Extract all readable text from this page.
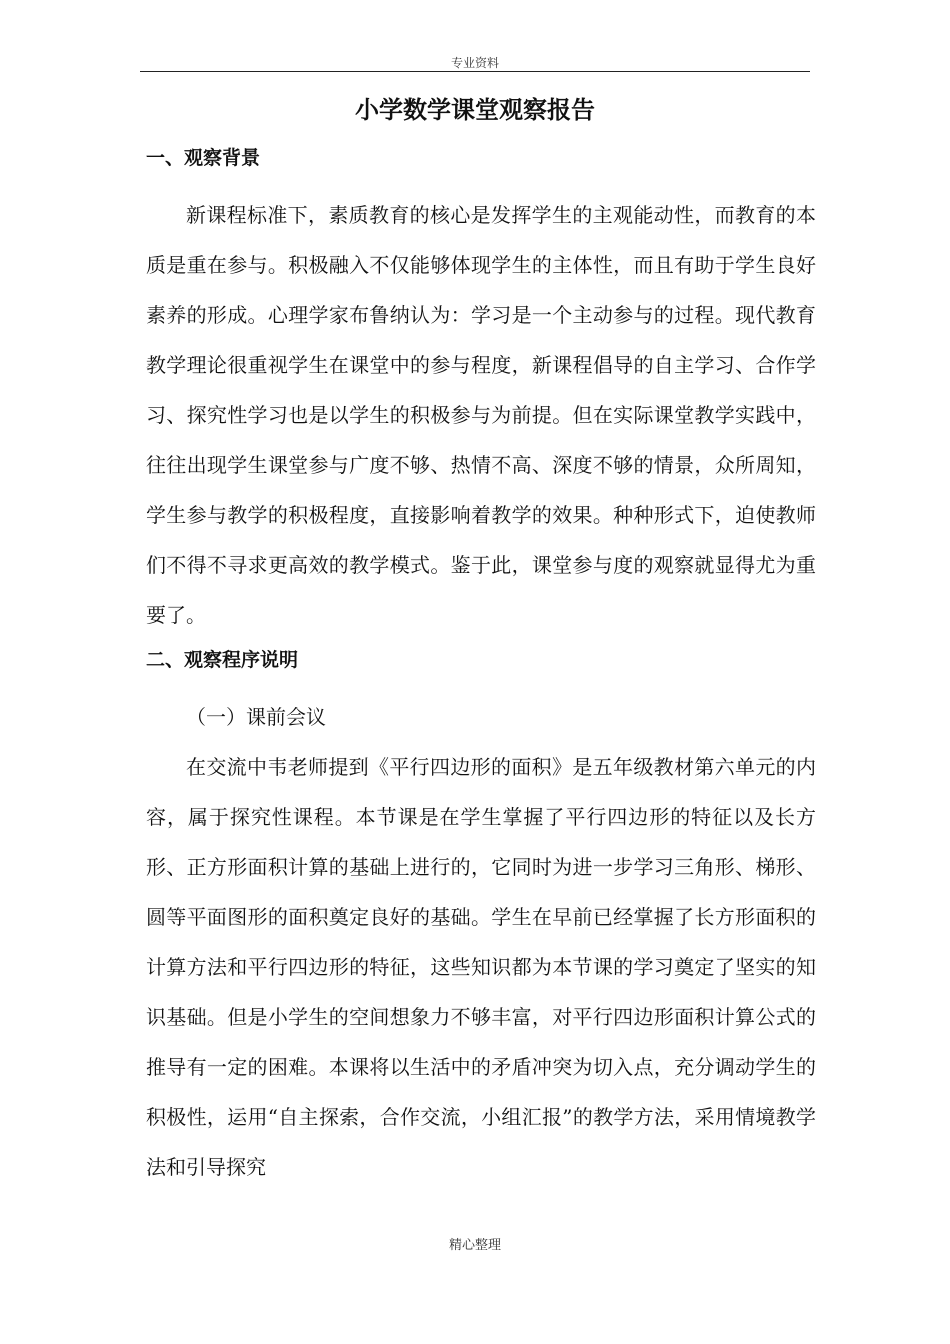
专业资料
小学数学课堂观察报告
一、观察背景

新课程标准下，素质教育的核心是发挥学生的主观能动性，而教育的本质是重在参与。积极融入不仅能够体现学生的主体性，而且有助于学生良好素养的形成。心理学家布鲁纳认为：学习是一个主动参与的过程。现代教育教学理论很重视学生在课堂中的参与程度，新课程倡导的自主学习、合作学习、探究性学习也是以学生的积极参与为前提。但在实际课堂教学实践中，往往出现学生课堂参与广度不够、热情不高、深度不够的情景，众所周知，学生参与教学的积极程度，直接影响着教学的效果。种种形式下，迫使教师们不得不寻求更高效的教学模式。鉴于此，课堂参与度的观察就显得尤为重要了。

二、观察程序说明

（一）课前会议

在交流中韦老师提到《平行四边形的面积》是五年级教材第六单元的内容，属于探究性课程。本节课是在学生掌握了平行四边形的特征以及长方形、正方形面积计算的基础上进行的，它同时为进一步学习三角形、梯形、圆等平面图形的面积奠定良好的基础。学生在早前已经掌握了长方形面积的计算方法和平行四边形的特征，这些知识都为本节课的学习奠定了坚实的知识基础。但是小学生的空间想象力不够丰富，对平行四边形面积计算公式的推导有一定的困难。本课将以生活中的矛盾冲突为切入点，充分调动学生的积极性，运用“自主探索，合作交流，小组汇报”的教学方法，采用情境教学法和引导探究

精心整理
